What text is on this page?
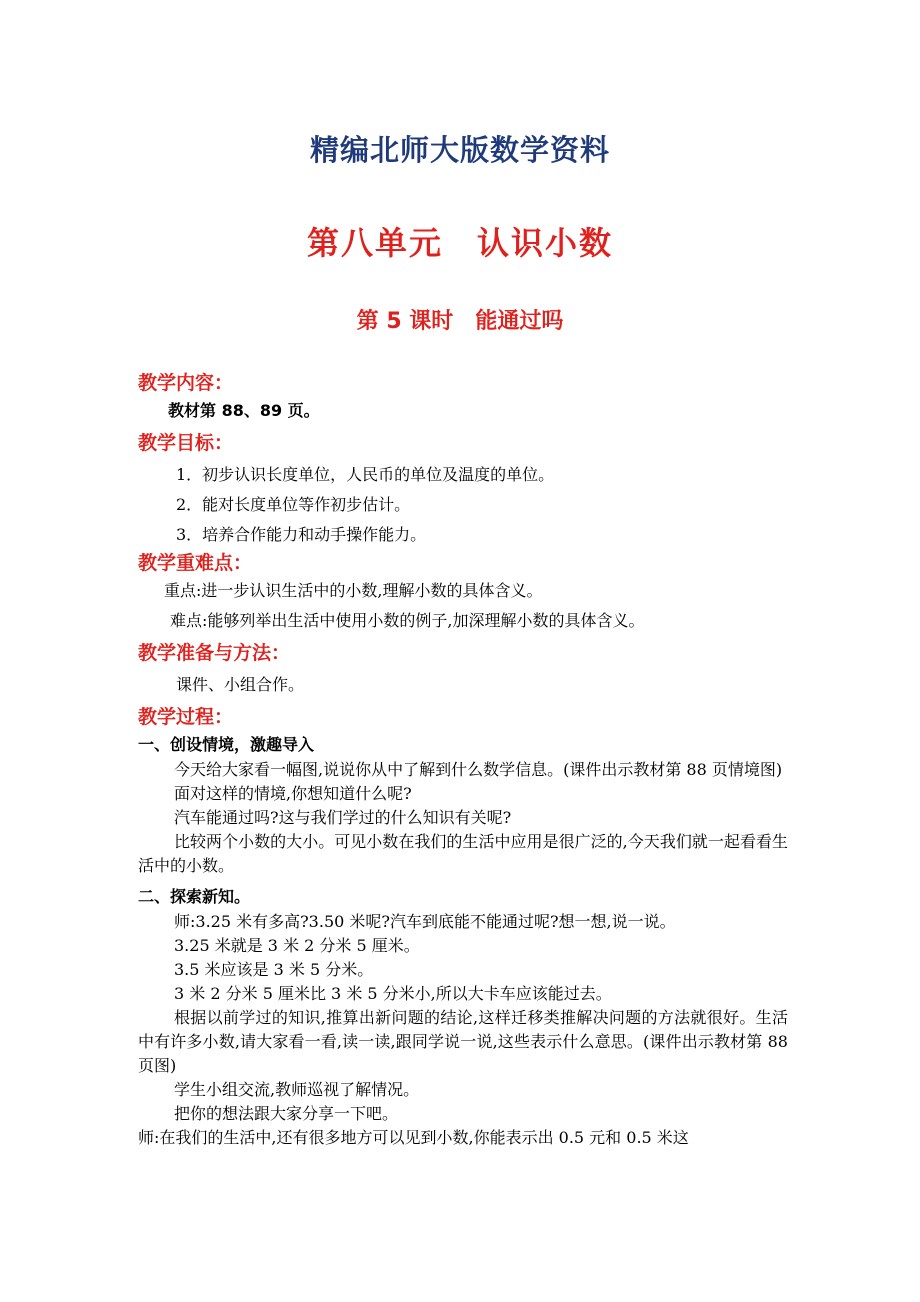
精编北师大版数学资料
第八单元 认识小数
第 5 课时 能通过吗
教学内容：
教材第 88、89 页。
教学目标：
1．初步认识长度单位，人民币的单位及温度的单位。
2．能对长度单位等作初步估计。
3．培养合作能力和动手操作能力。
教学重难点：
重点:进一步认识生活中的小数,理解小数的具体含义。
难点:能够列举出生活中使用小数的例子,加深理解小数的具体含义。
教学准备与方法：
课件、小组合作。
教学过程：
一、创设情境，激趣导入
今天给大家看一幅图,说说你从中了解到什么数学信息。(课件出示教材第 88 页情境图)
面对这样的情境,你想知道什么呢?
汽车能通过吗?这与我们学过的什么知识有关呢?
比较两个小数的大小。可见小数在我们的生活中应用是很广泛的,今天我们就一起看看生活中的小数。
二、探索新知。
师:3.25 米有多高?3.50 米呢?汽车到底能不能通过呢?想一想,说一说。
3.25 米就是 3 米 2 分米 5 厘米。
3.5 米应该是 3 米 5 分米。
3 米 2 分米 5 厘米比 3 米 5 分米小,所以大卡车应该能过去。
根据以前学过的知识,推算出新问题的结论,这样迁移类推解决问题的方法就很好。生活中有许多小数,请大家看一看,读一读,跟同学说一说,这些表示什么意思。(课件出示教材第 88 页图)
学生小组交流,教师巡视了解情况。
把你的想法跟大家分享一下吧。
师:在我们的生活中,还有很多地方可以见到小数,你能表示出 0.5 元和 0.5 米这
